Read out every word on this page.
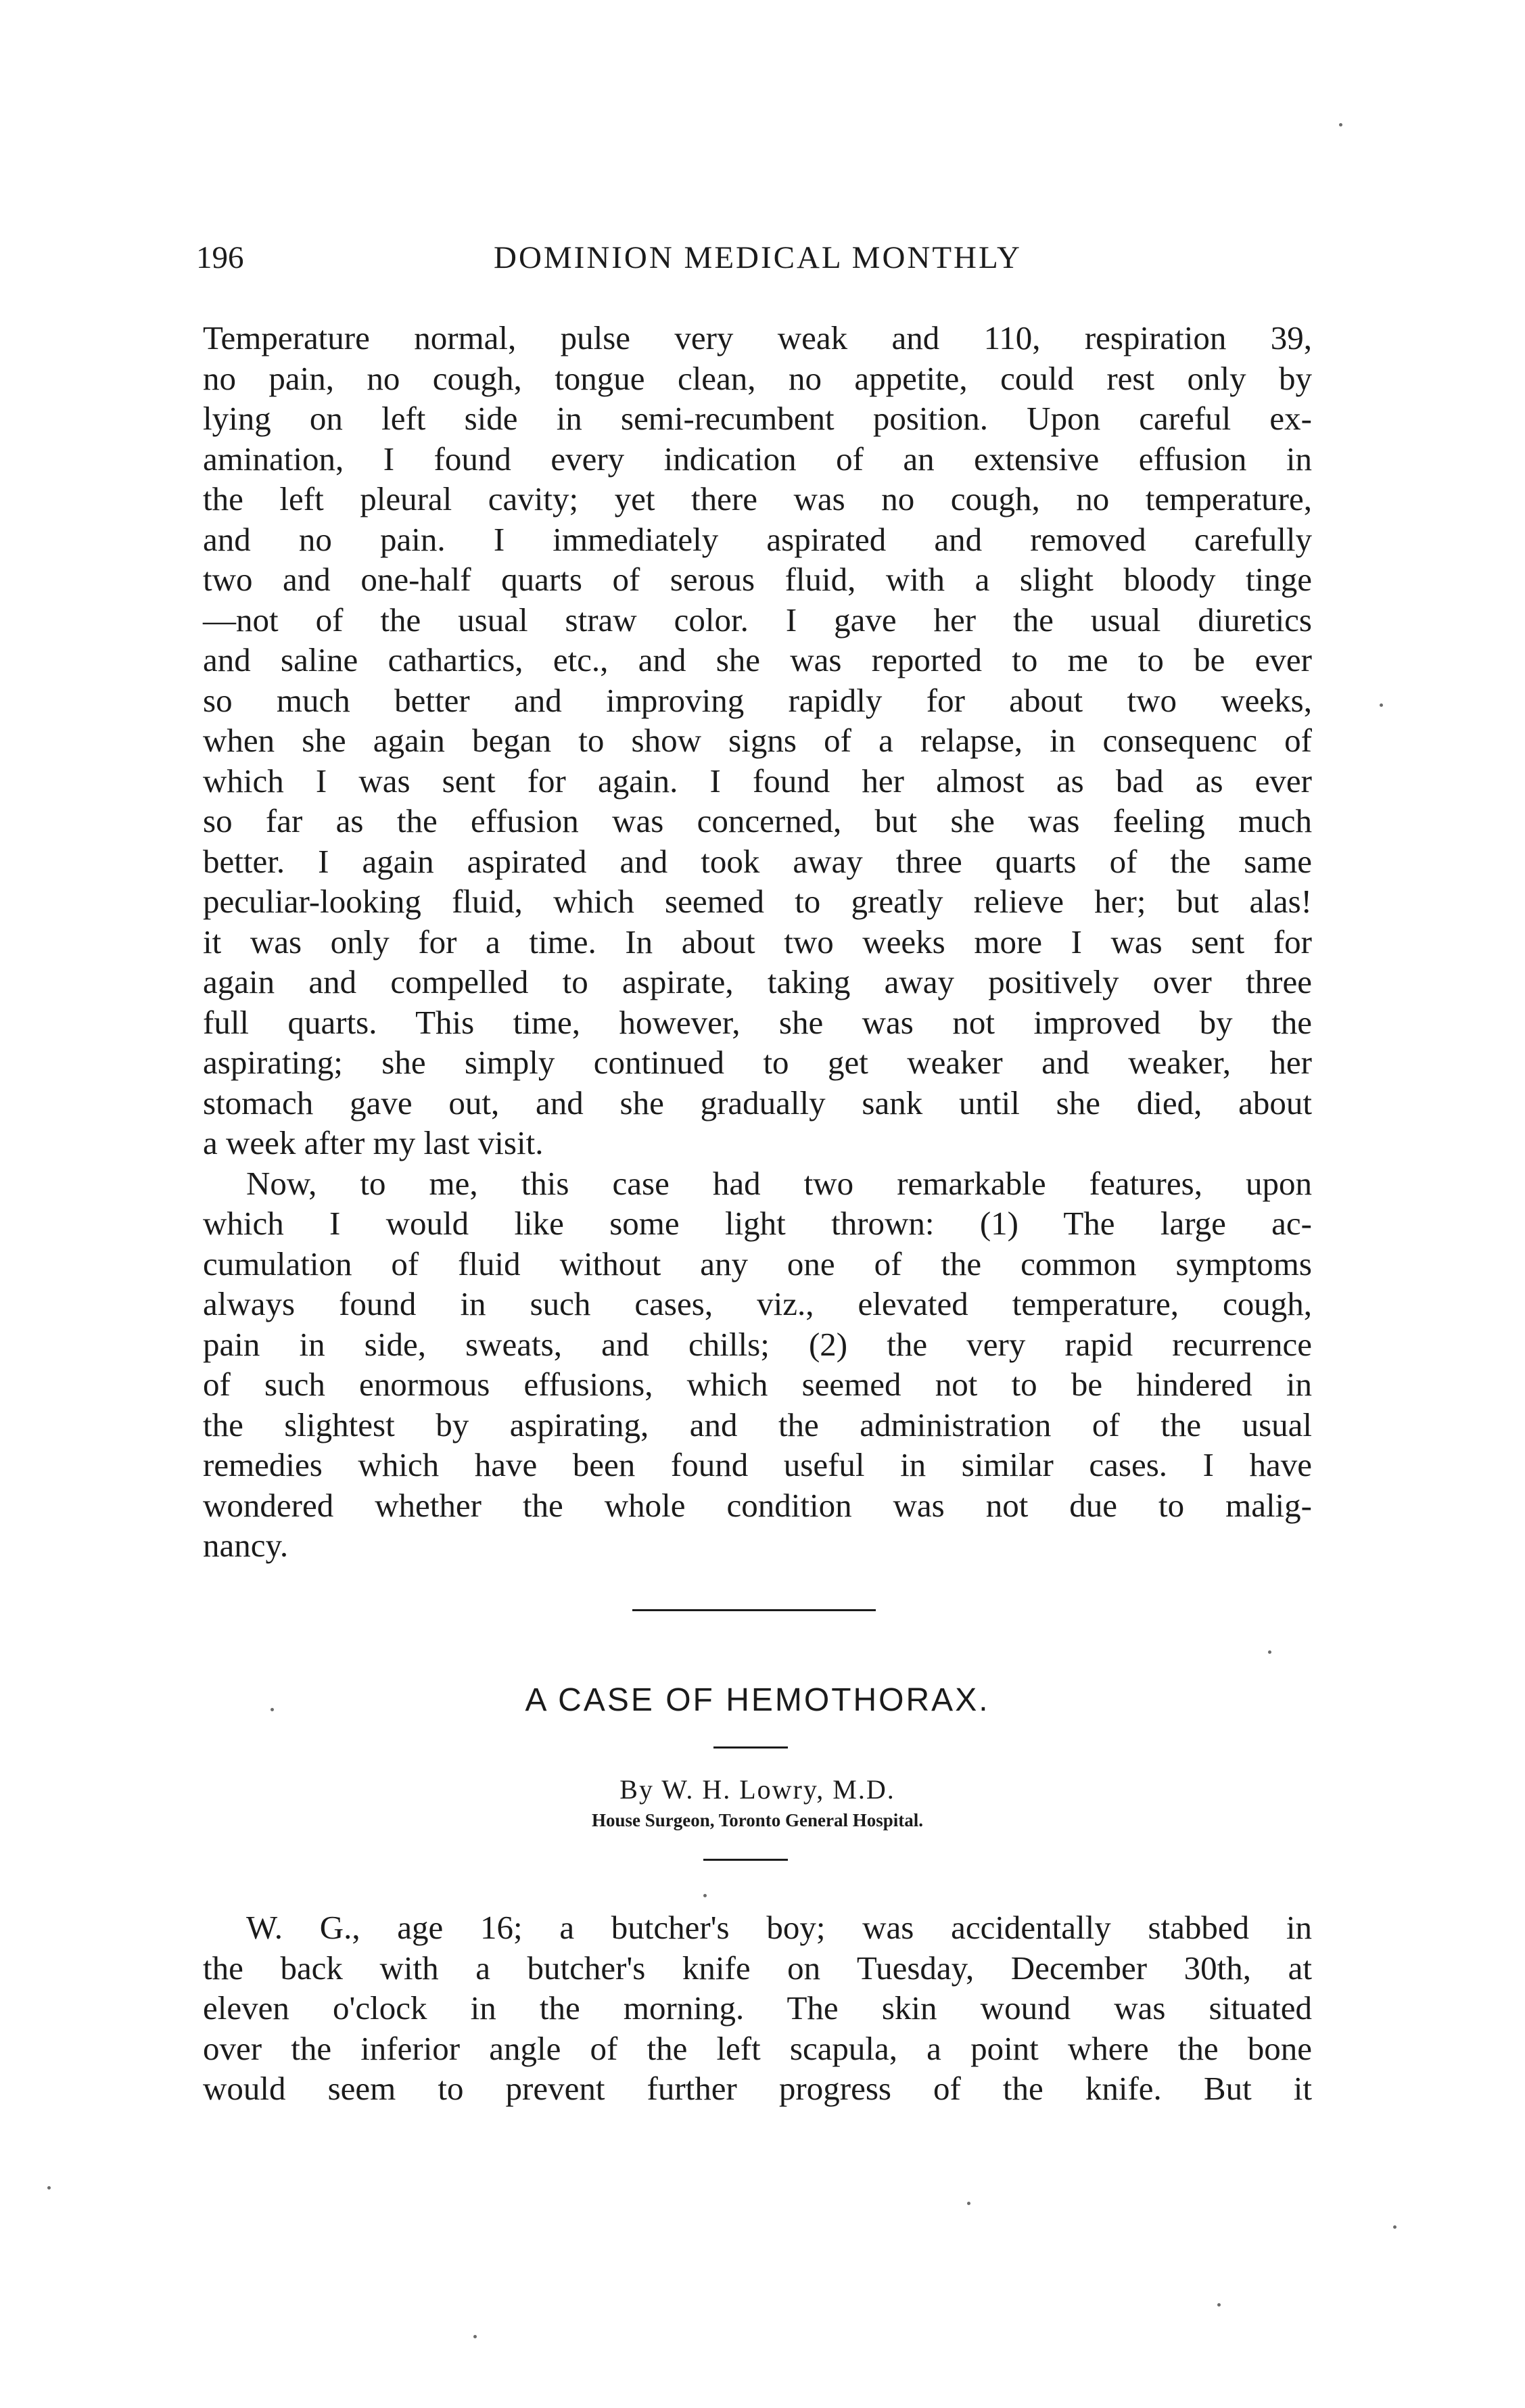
196	DOMINION MEDICAL MONTHLY
Temperature normal, pulse very weak and 110, respiration 39,
no pain, no cough, tongue clean, no appetite, could rest only by
lying on left side in semi-recumbent position. Upon careful ex-
amination, I found every indication of an extensive effusion in
the left pleural cavity; yet there was no cough, no temperature,
and no pain. I immediately aspirated and removed carefully
two and one-half quarts of serous fluid, with a slight bloody tinge
—not of the usual straw color. I gave her the usual diuretics
and saline cathartics, etc., and she was reported to me to be ever
so much better and improving rapidly for about two weeks,
when she again began to show signs of a relapse, in consequenc of
which I was sent for again. I found her almost as bad as ever
so far as the effusion was concerned, but she was feeling much
better. I again aspirated and took away three quarts of the same
peculiar-looking fluid, which seemed to greatly relieve her; but alas!
it was only for a time. In about two weeks more I was sent for
again and compelled to aspirate, taking away positively over three
full quarts. This time, however, she was not improved by the
aspirating; she simply continued to get weaker and weaker, her
stomach gave out, and she gradually sank until she died, about
a week after my last visit.
Now, to me, this case had two remarkable features, upon
which I would like some light thrown: (1) The large ac-
cumulation of fluid without any one of the common symptoms
always found in such cases, viz., elevated temperature, cough,
pain in side, sweats, and chills; (2) the very rapid recurrence
of such enormous effusions, which seemed not to be hindered in
the slightest by aspirating, and the administration of the usual
remedies which have been found useful in similar cases. I have
wondered whether the whole condition was not due to malig-
nancy.
A CASE OF HEMOTHORAX.
By W. H. Lowry, M.D.
House Surgeon, Toronto General Hospital.
W. G., age 16; a butcher's boy; was accidentally stabbed in
the back with a butcher's knife on Tuesday, December 30th, at
eleven o'clock in the morning. The skin wound was situated
over the inferior angle of the left scapula, a point where the bone
would seem to prevent further progress of the knife. But it
